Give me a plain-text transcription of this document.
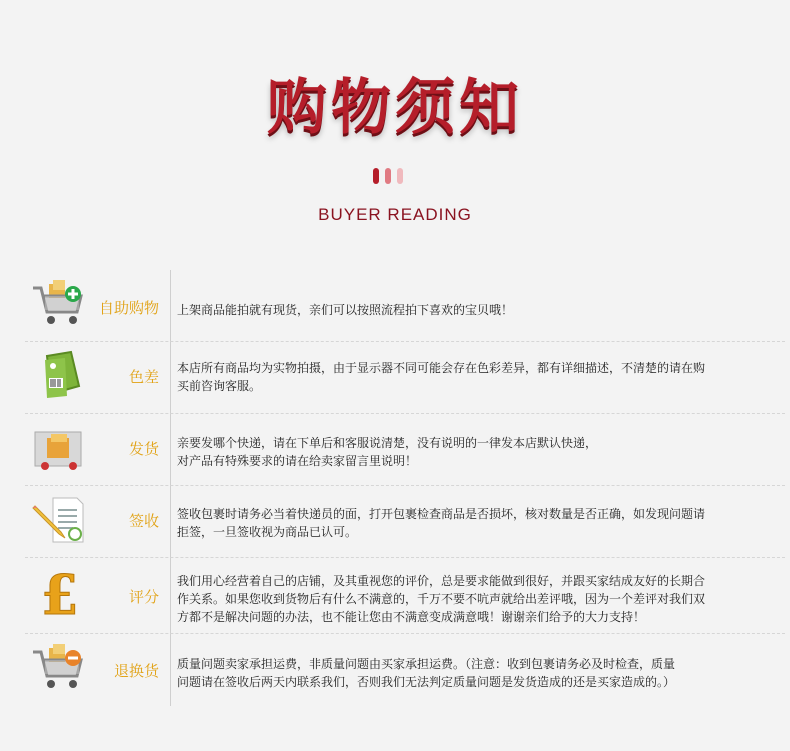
购物须知
BUYER READING
自助购物 上架商品能拍就有现货，亲们可以按照流程拍下喜欢的宝贝哦！
色差 本店所有商品均为实物拍摄，由于显示器不同可能会存在色彩差异，都有详细描述，不清楚的请在购
买前咨询客服。
发货 亲要发哪个快递，请在下单后和客服说清楚，没有说明的一律发本店默认快递，
对产品有特殊要求的请在给卖家留言里说明！
签收 签收包裹时请务必当着快递员的面，打开包裹检查商品是否损坏，核对数量是否正确，如发现问题请
拒签，一旦签收视为商品已认可。
£	评分
我们用心经营着自己的店铺，及其重视您的评价，总是要求能做到很好，并跟买家结成友好的长期合
作关系。如果您收到货物后有什么不满意的，千万不要不吭声就给出差评哦，因为一个差评对我们双
方都不是解决问题的办法，也不能让您由不满意变成满意哦！谢谢亲们给予的大力支持！
退换货 质量问题卖家承担运费，非质量问题由买家承担运费。（注意：收到包裹请务必及时检查，质量
问题请在签收后两天内联系我们，否则我们无法判定质量问题是发货造成的还是买家造成的。）
